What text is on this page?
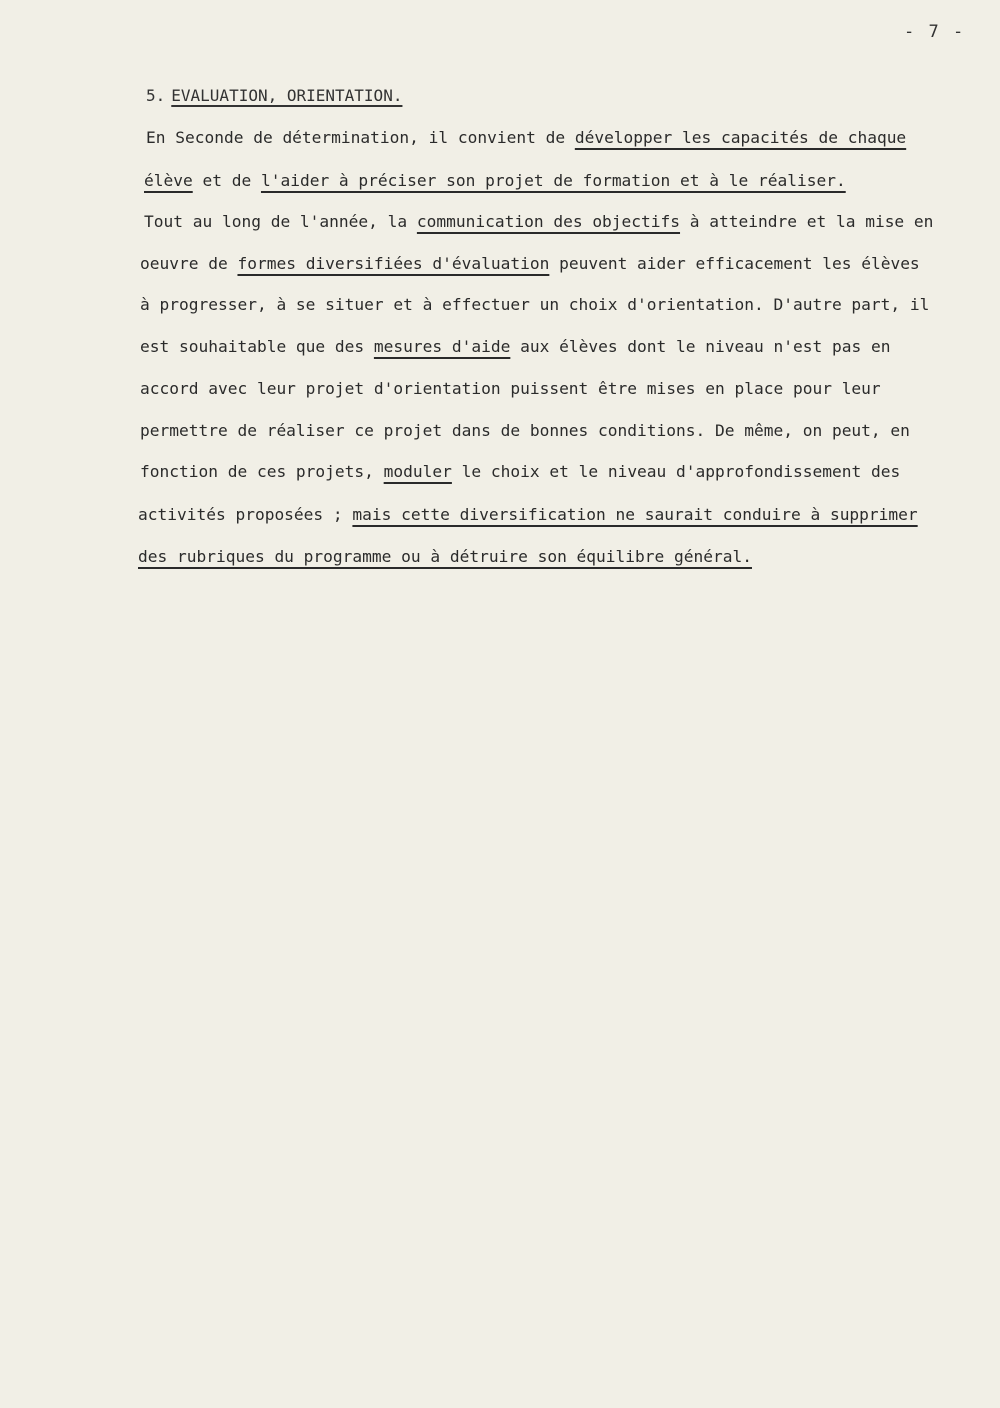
- 7 -
5. EVALUATION, ORIENTATION.
En Seconde de détermination, il convient de développer les capacités de chaque
élève et de l'aider à préciser son projet de formation et à le réaliser.
Tout au long de l'année, la communication des objectifs à atteindre et la mise en
oeuvre de formes diversifiées d'évaluation peuvent aider efficacement les élèves
à progresser, à se situer et à effectuer un choix d'orientation. D'autre part, il
est souhaitable que des mesures d'aide aux élèves dont le niveau n'est pas en
accord avec leur projet d'orientation puissent être mises en place pour leur
permettre de réaliser ce projet dans de bonnes conditions. De même, on peut, en
fonction de ces projets, moduler le choix et le niveau d'approfondissement des
activités proposées ; mais cette diversification ne saurait conduire à supprimer
des rubriques du programme ou à détruire son équilibre général.
